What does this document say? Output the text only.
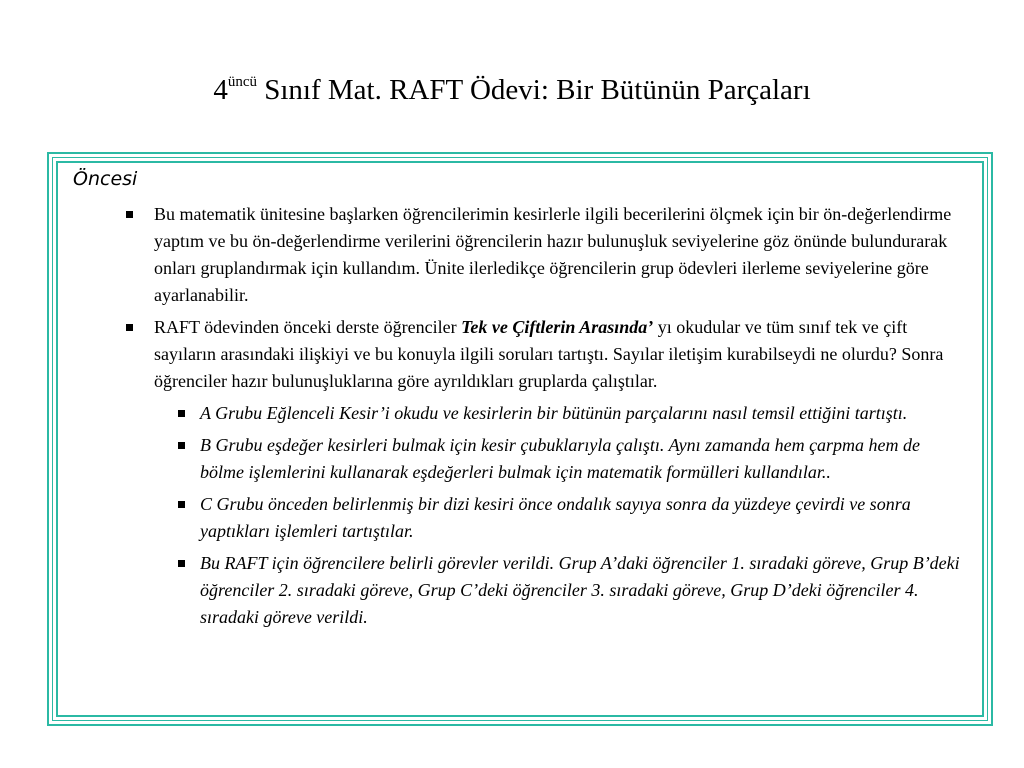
$4^{üncü}$ Sınıf Mat. RAFT Ödevi: Bir Bütünün Parçaları
Öncesi
Bu matematik ünitesine başlarken öğrencilerimin kesirlerle ilgili becerilerini ölçmek için bir ön-değerlendirme yaptım ve bu ön-değerlendirme verilerini öğrencilerin hazır bulunuşluk seviyelerine göz önünde bulundurarak onları gruplandırmak için kullandım. Ünite ilerledikçe öğrencilerin grup ödevleri ilerleme seviyelerine göre ayarlanabilir.
RAFT ödevinden önceki derste öğrenciler Tek ve Çiftlerin Arasında’ yı okudular ve tüm sınıf tek ve çift sayıların arasındaki ilişkiyi ve bu konuyla ilgili soruları tartıştı. Sayılar iletişim kurabilseydi ne olurdu? Sonra öğrenciler hazır bulunuşluklarına göre ayrıldıkları gruplarda çalıştılar.
A Grubu Eğlenceli Kesir’i okudu ve kesirlerin bir bütünün parçalarını nasıl temsil ettiğini tartıştı.
B Grubu eşdeğer kesirleri bulmak için kesir çubuklarıyla çalıştı. Aynı zamanda hem çarpma hem de bölme işlemlerini kullanarak eşdeğerleri bulmak için matematik formülleri kullandılar..
C Grubu önceden belirlenmiş bir dizi kesiri önce ondalık sayıya sonra da yüzdeye çevirdi ve sonra yaptıkları işlemleri tartıştılar.
Bu RAFT için öğrencilere belirli görevler verildi. Grup A’daki öğrenciler 1. sıradaki göreve, Grup B’deki öğrenciler 2. sıradaki göreve, Grup C’deki öğrenciler 3. sıradaki göreve, Grup D’deki öğrenciler 4. sıradaki göreve verildi.
